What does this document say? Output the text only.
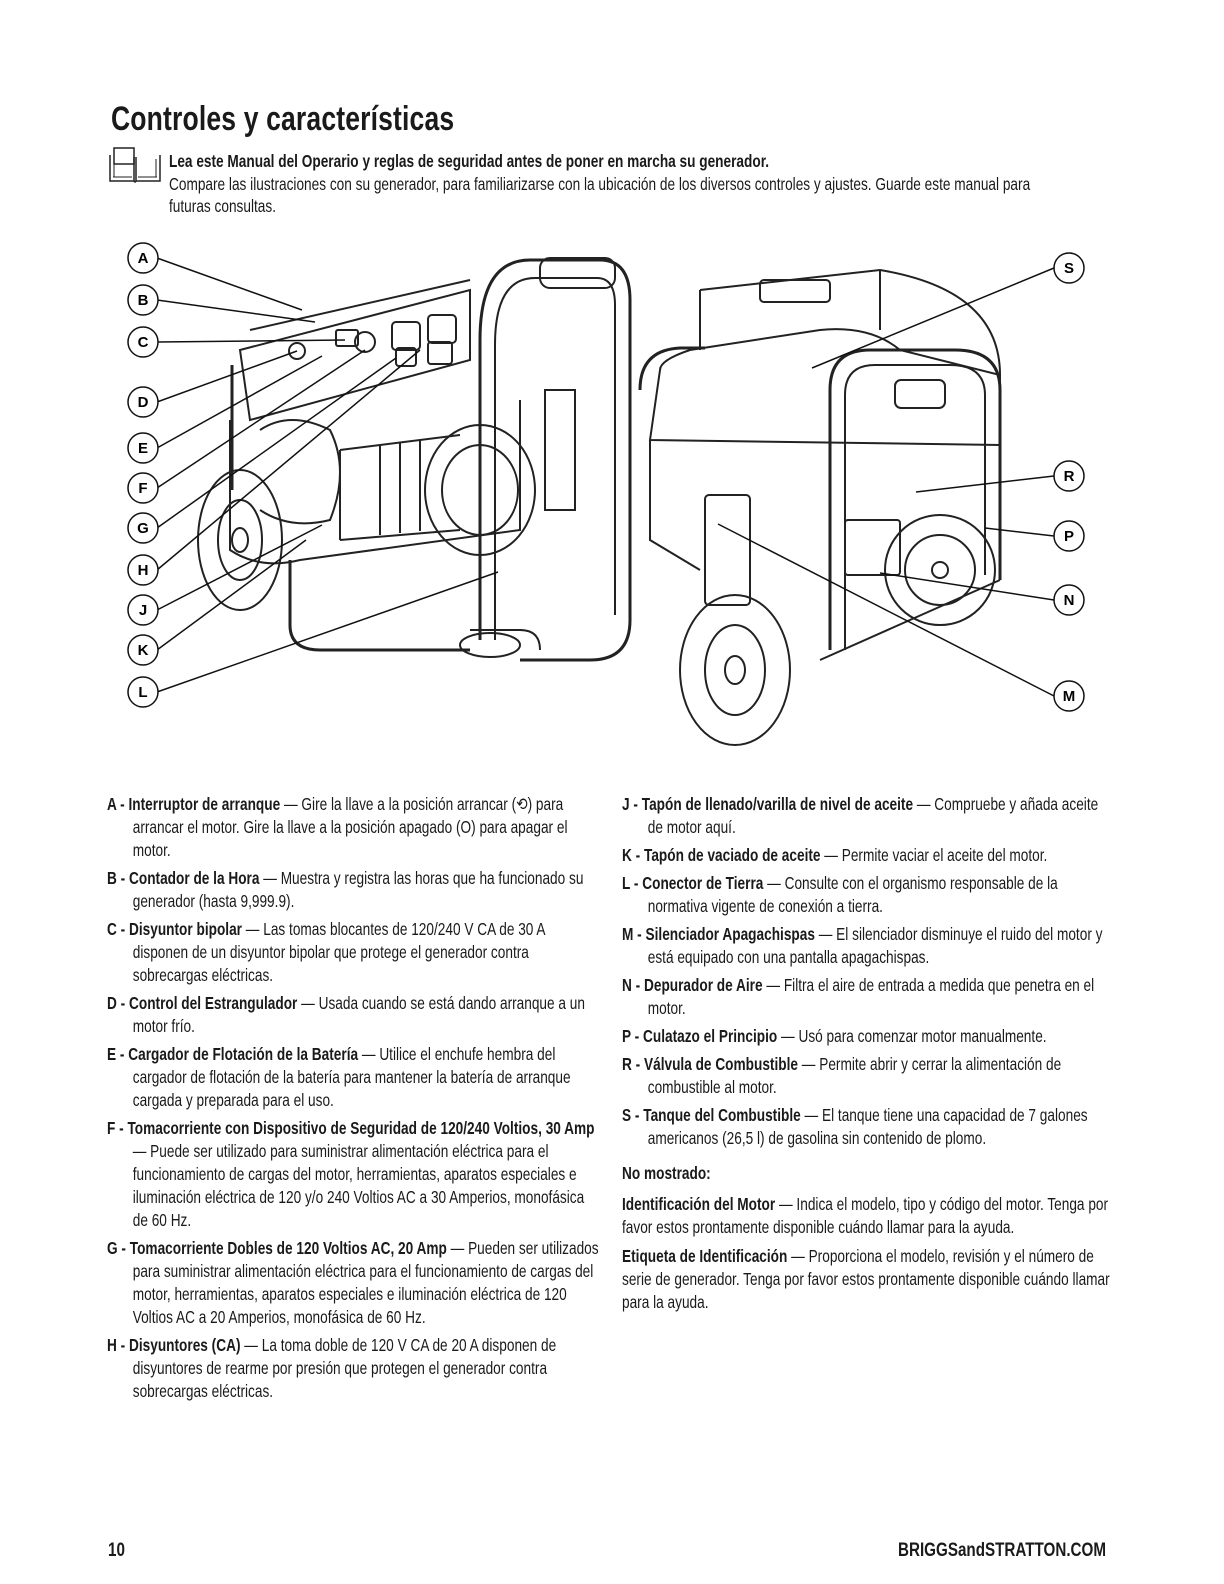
Controles y características
Lea este Manual del Operario y reglas de seguridad antes de poner en marcha su generador.
Compare las ilustraciones con su generador, para familiarizarse con la ubicación de los diversos controles y ajustes. Guarde este manual para futuras consultas.
A
B
C
D
E
F
G
H
J
K
L
S
R
P
N
M
A - Interruptor de arranque — Gire la llave a la posición arrancar (⟲) para arrancar el motor. Gire la llave a la posición apagado (O) para apagar el motor.
B - Contador de la Hora — Muestra y registra las horas que ha funcionado su generador (hasta 9,999.9).
C - Disyuntor bipolar — Las tomas blocantes de 120/240 V CA de 30 A disponen de un disyuntor bipolar que protege el generador contra sobrecargas eléctricas.
D - Control del Estrangulador — Usada cuando se está dando arranque a un motor frío.
E - Cargador de Flotación de la Batería — Utilice el enchufe hembra del cargador de flotación de la batería para mantener la batería de arranque cargada y preparada para el uso.
F - Tomacorriente con Dispositivo de Seguridad de 120/240 Voltios, 30 Amp — Puede ser utilizado para suministrar alimentación eléctrica para el funcionamiento de cargas del motor, herramientas, aparatos especiales e iluminación eléctrica de 120 y/o 240 Voltios AC a 30 Amperios, monofásica de 60 Hz.
G - Tomacorriente Dobles de 120 Voltios AC, 20 Amp — Pueden ser utilizados para suministrar alimentación eléctrica para el funcionamiento de cargas del motor, herramientas, aparatos especiales e iluminación eléctrica de 120 Voltios AC a 20 Amperios, monofásica de 60 Hz.
H - Disyuntores (CA) — La toma doble de 120 V CA de 20 A disponen de disyuntores de rearme por presión que protegen el generador contra sobrecargas eléctricas.
J - Tapón de llenado/varilla de nivel de aceite — Compruebe y añada aceite de motor aquí.
K - Tapón de vaciado de aceite — Permite vaciar el aceite del motor.
L - Conector de Tierra — Consulte con el organismo responsable de la normativa vigente de conexión a tierra.
M - Silenciador Apagachispas — El silenciador disminuye el ruido del motor y está equipado con una pantalla apagachispas.
N - Depurador de Aire — Filtra el aire de entrada a medida que penetra en el motor.
P - Culatazo el Principio — Usó para comenzar motor manualmente.
R - Válvula de Combustible — Permite abrir y cerrar la alimentación de combustible al motor.
S - Tanque del Combustible — El tanque tiene una capacidad de 7 galones americanos (26,5 l) de gasolina sin contenido de plomo.
No mostrado:
Identificación del Motor — Indica el modelo, tipo y código del motor. Tenga por favor estos prontamente disponible cuándo llamar para la ayuda.
Etiqueta de Identificación — Proporciona el modelo, revisión y el número de serie de generador. Tenga por favor estos prontamente disponible cuándo llamar para la ayuda.
10	BRIGGSandSTRATTON.COM
